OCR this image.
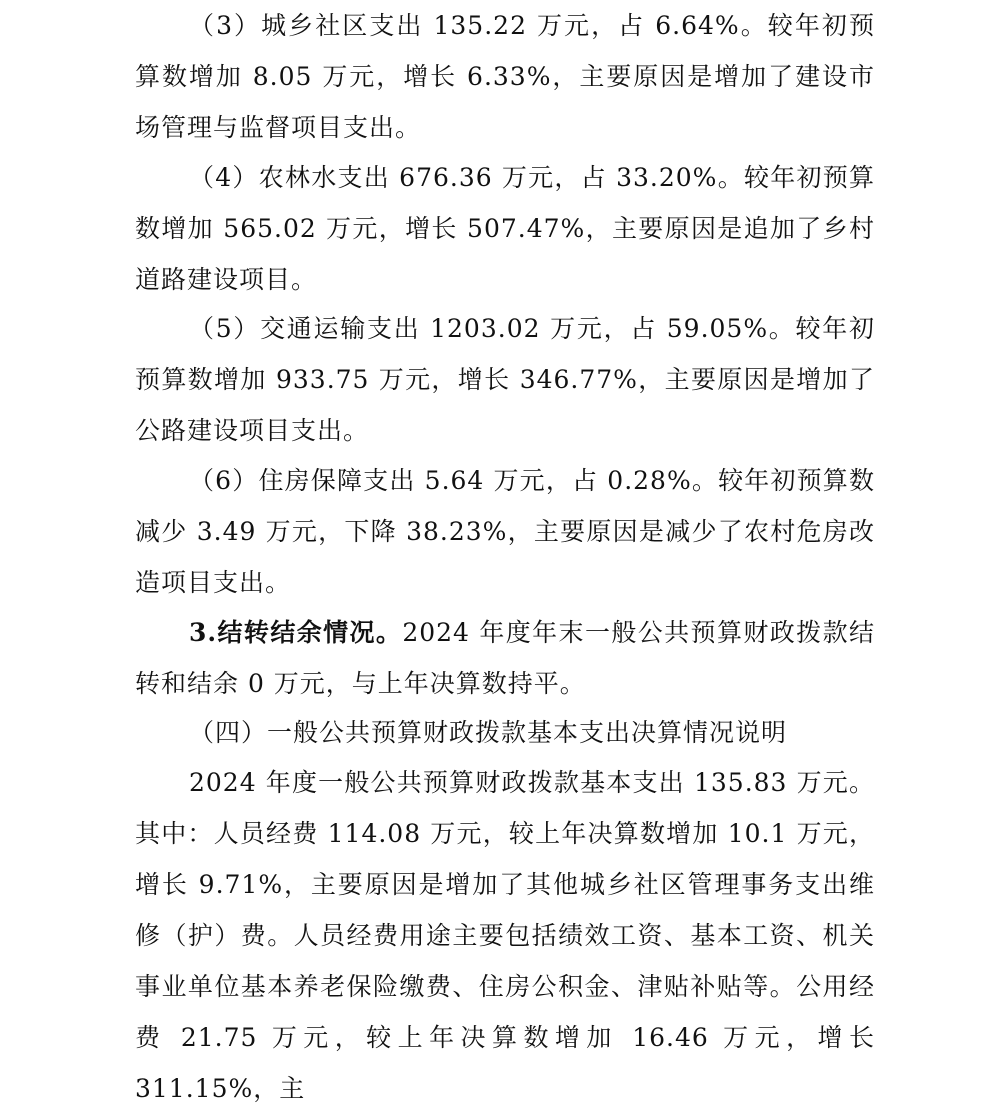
（3）城乡社区支出 135.22 万元，占 6.64%。较年初预算数增加 8.05 万元，增长 6.33%，主要原因是增加了建设市场管理与监督项目支出。

（4）农林水支出 676.36 万元，占 33.20%。较年初预算数增加 565.02 万元，增长 507.47%，主要原因是追加了乡村道路建设项目。

（5）交通运输支出 1203.02 万元，占 59.05%。较年初预算数增加 933.75 万元，增长 346.77%，主要原因是增加了公路建设项目支出。

（6）住房保障支出 5.64 万元，占 0.28%。较年初预算数减少 3.49 万元，下降 38.23%，主要原因是减少了农村危房改造项目支出。

3.结转结余情况。2024 年度年末一般公共预算财政拨款结转和结余 0 万元，与上年决算数持平。

（四）一般公共预算财政拨款基本支出决算情况说明

2024 年度一般公共预算财政拨款基本支出 135.83 万元。其中：人员经费 114.08 万元，较上年决算数增加 10.1 万元，增长 9.71%，主要原因是增加了其他城乡社区管理事务支出维修（护）费。人员经费用途主要包括绩效工资、基本工资、机关事业单位基本养老保险缴费、住房公积金、津贴补贴等。公用经费 21.75 万元，较上年决算数增加 16.46 万元，增长 311.15%，主
